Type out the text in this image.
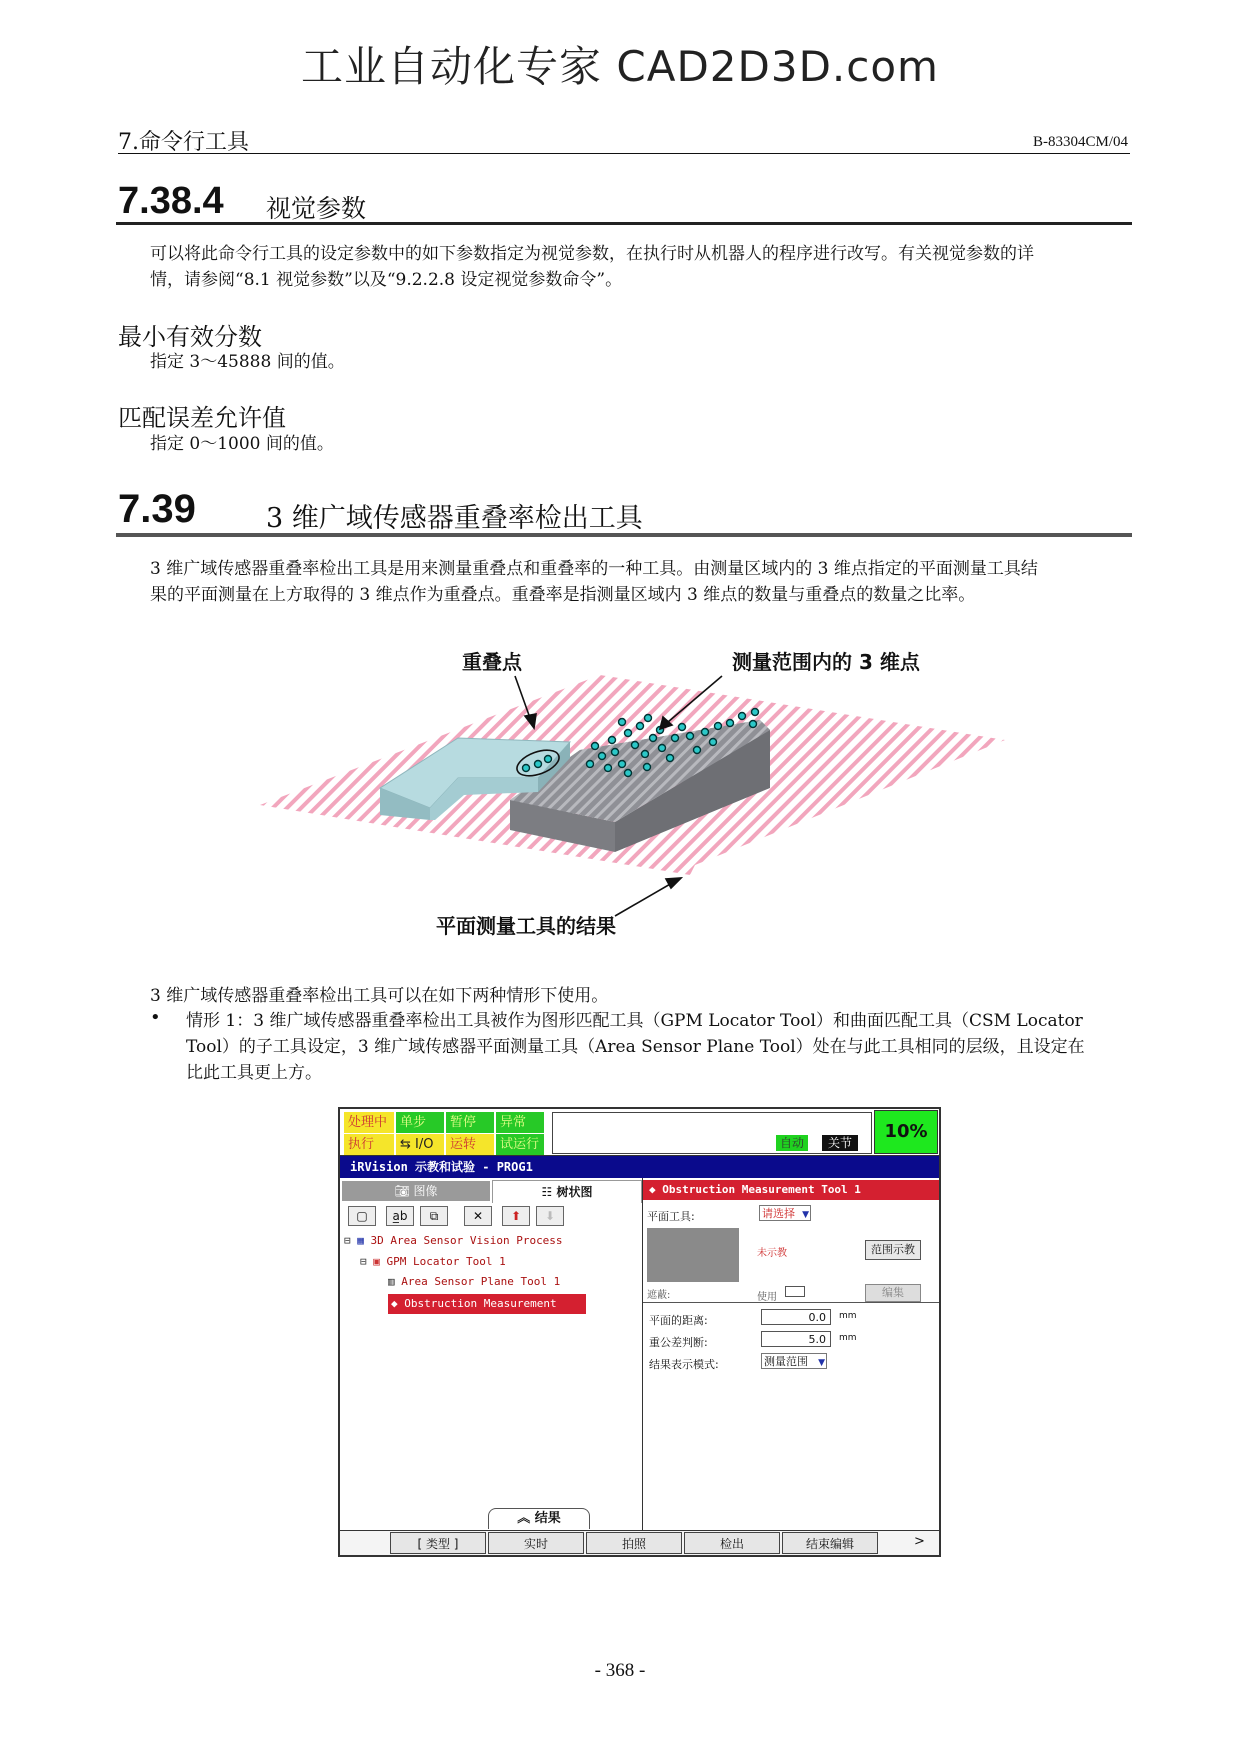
工业自动化专家 CAD2D3D.com
7.命令行工具	B-83304CM/04
7.38.4 视觉参数
可以将此命令行工具的设定参数中的如下参数指定为视觉参数，在执行时从机器人的程序进行改写。有关视觉参数的详
情，请参阅“8.1 视觉参数”以及“9.2.2.8 设定视觉参数命令”。
最小有效分数
指定 3～45888 间的值。
匹配误差允许值
指定 0～1000 间的值。
7.39	3 维广域传感器重叠率检出工具
3 维广域传感器重叠率检出工具是用来测量重叠点和重叠率的一种工具。由测量区域内的 3 维点指定的平面测量工具结
果的平面测量在上方取得的 3 维点作为重叠点。重叠率是指测量区域内 3 维点的数量与重叠点的数量之比率。
重叠点	测量范围内的 3 维点
平面测量工具的结果
3 维广域传感器重叠率检出工具可以在如下两种情形下使用。
• 情形 1：3 维广域传感器重叠率检出工具被作为图形匹配工具（GPM Locator Tool）和曲面匹配工具（CSM Locator
Tool）的子工具设定，3 维广域传感器平面测量工具（Area Sensor Plane Tool）处在与此工具相同的层级，且设定在
比此工具更上方。
处理中 单步	暂停	异常
执行	⇆ I/O	运转	试运行	自动	关节
10%
iRVision 示教和试验 - PROG1
📷︎ 图像	☷ 树状图
▢	a̲b	⧉	✕	⬆	⬇
⊟ ▦ 3D Area Sensor Vision Process
⊟ ▣ GPM Locator Tool 1
▥ Area Sensor Plane Tool 1
◆ Obstruction Measurement Tool 1
︽ 结果
◆ Obstruction Measurement Tool 1
平面工具:	请选择 ▼
未示教	范围示教
遮蔽:	使用	编集
平面的距离:	0.0	mm
重公差判断:	5.0	mm
结果表示模式:	测量范围 ▼
[ 类型 ]	实时	拍照	检出	结束编辑	>
- 368 -
